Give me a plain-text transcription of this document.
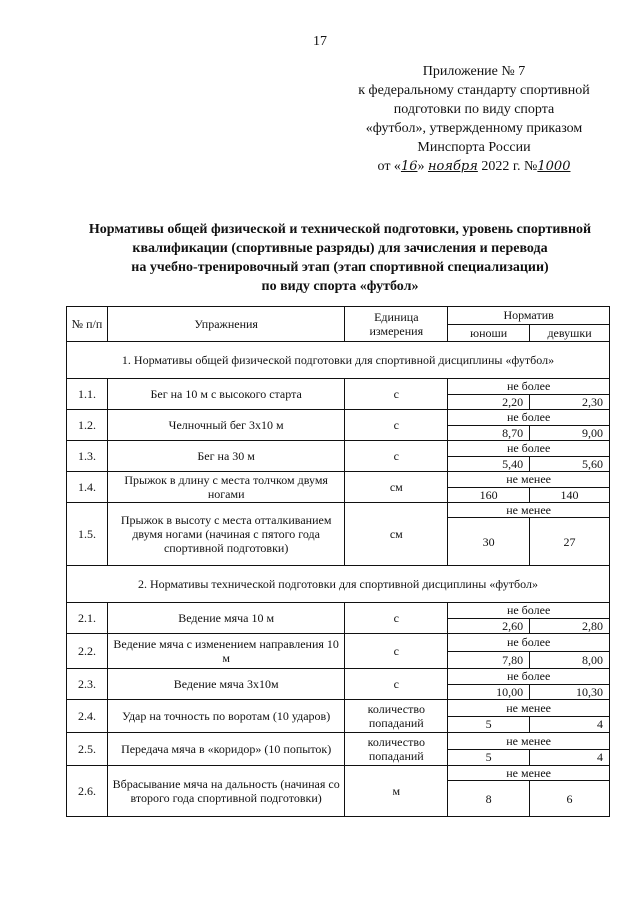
17
Приложение № 7
к федеральному стандарту спортивной
подготовки по виду спорта
«футбол», утвержденному приказом
Минспорта России
от «16» ноября 2022 г. №1000
Нормативы общей физической и технической подготовки, уровень спортивной
квалификации (спортивные разряды) для зачисления и перевода
на учебно-тренировочный этап (этап спортивной специализации)
по виду спорта «футбол»
№ п/п	Упражнения	Единица измерения	Норматив	
			юноши	девушки
1. Нормативы общей физической подготовки для спортивной дисциплины «футбол»				
1.1.	Бег на 10 м с высокого старта	с	не более	
			2,20	2,30
1.2.	Челночный бег 3х10 м	с	не более	
			8,70	9,00
1.3.	Бег на 30 м	с	не более	
			5,40	5,60
1.4.	Прыжок в длину с места толчком двумя ногами	см	не менее	
			160	140
1.5.	Прыжок в высоту с места отталкиванием двумя ногами (начиная с пятого года спортивной подготовки)	см	не менее	
			30	27
2. Нормативы технической подготовки для спортивной дисциплины «футбол»				
2.1.	Ведение мяча 10 м	с	не более	
			2,60	2,80
2.2.	Ведение мяча с изменением направления 10 м	с	не более	
			7,80	8,00
2.3.	Ведение мяча 3х10м	с	не более	
			10,00	10,30
2.4.	Удар на точность по воротам (10 ударов)	количество попаданий	не менее	
			5	4
2.5.	Передача мяча в «коридор» (10 попыток)	количество попаданий	не менее	
			5	4
2.6.	Вбрасывание мяча на дальность (начиная со второго года спортивной подготовки)	м	не менее	
			8	6
